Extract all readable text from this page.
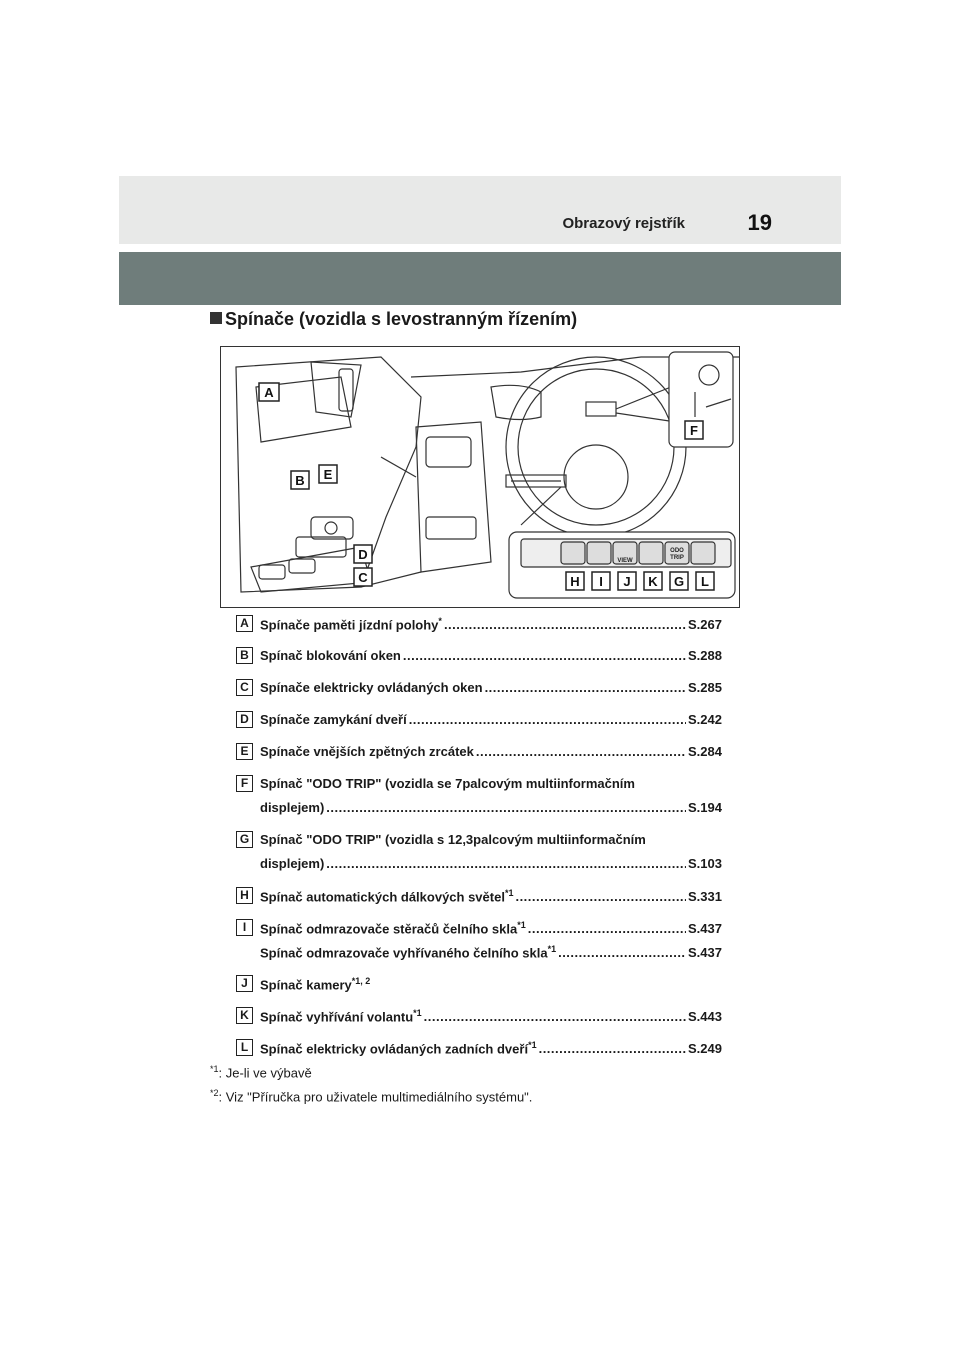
Obrazový rejstřík	19
Spínače (vozidla s levostranným řízením)
VIEW
ODO
TRIP
A
B E
D
C
F
H I J K G L
A Spínače paměti jízdní polohy* .....	S.267
B Spínač blokování oken .....	S.288
C Spínače elektricky ovládaných oken .....	S.285
D Spínače zamykání dveří .....	S.242
E Spínače vnějších zpětných zrcátek .....	S.284
F Spínač "ODO TRIP" (vozidla se 7palcovým multiinformačním
displejem) .....	S.194
G Spínač "ODO TRIP" (vozidla s 12,3palcovým multiinformačním
displejem) .....	S.103
H Spínač automatických dálkových světel$^{*1}$ .....	S.331
I	Spínač odmrazovače stěračů čelního skla$^{*1}$ .....	S.437
Spínač odmrazovače vyhřívaného čelního skla$^{*1}$ .....	S.437
J Spínač kamery$^{*1, 2}$
K Spínač vyhřívání volantu$^{*1}$ .....	S.443
L Spínač elektricky ovládaných zadních dveří$^{*1}$ .....	S.249
$^{*1}$: Je-li ve výbavě
$^{*2}$: Viz "Příručka pro uživatele multimediálního systému".
